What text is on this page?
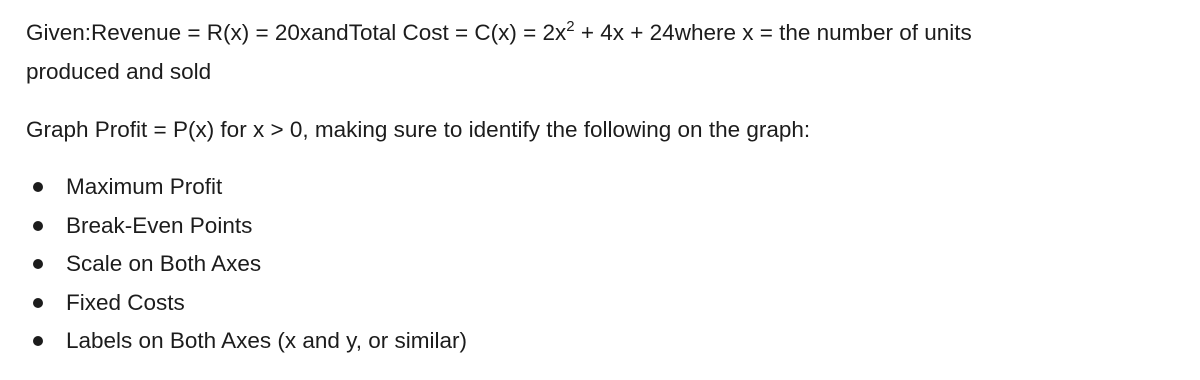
Given:Revenue = R(x) = 20xandTotal Cost = $C(x) = 2x^2 + 4x$ + 24where x = the number of units
produced and sold
Graph Profit = P(x) for x > 0, making sure to identify the following on the graph:
Maximum Profit
Break-Even Points
Scale on Both Axes
Fixed Costs
Labels on Both Axes (x and y, or similar)
